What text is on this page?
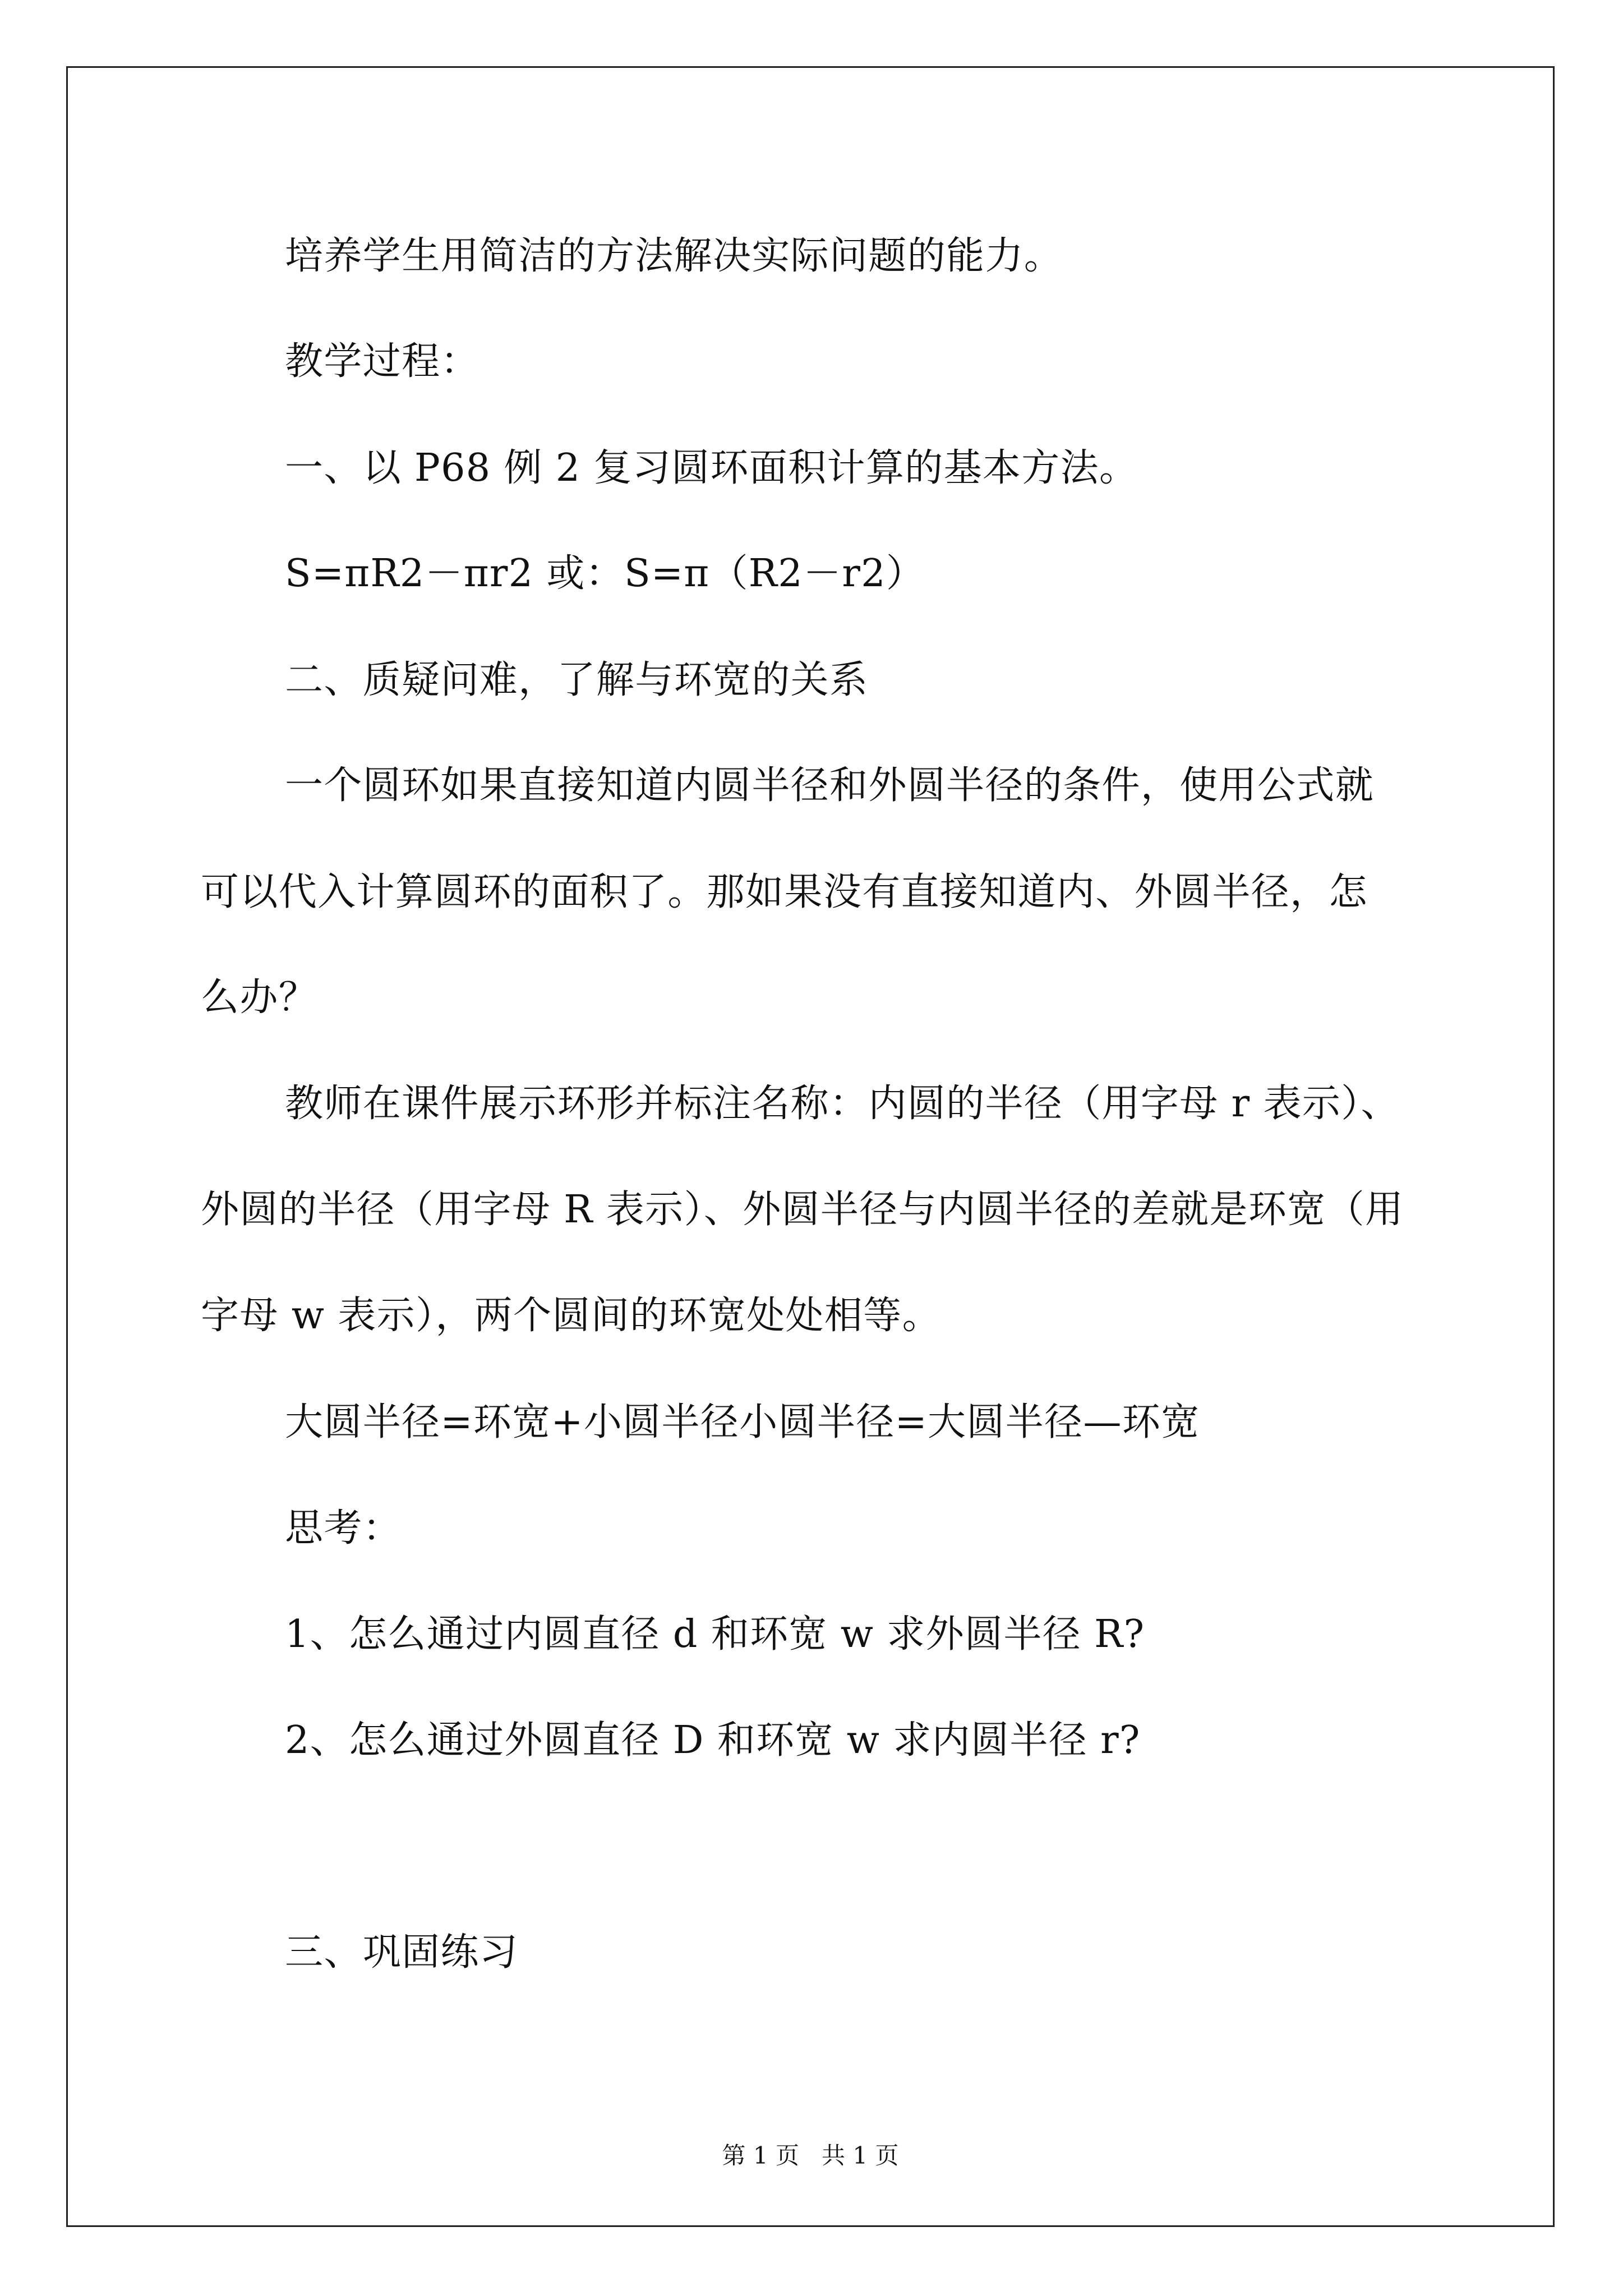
培养学生用简洁的方法解决实际问题的能力。
教学过程：
一、以 P68 例 2 复习圆环面积计算的基本方法。
S=πR2－πr2 或：S=π（R2－r2）
二、质疑问难，了解与环宽的关系
一个圆环如果直接知道内圆半径和外圆半径的条件，使用公式就
可以代入计算圆环的面积了。那如果没有直接知道内、外圆半径，怎
么办？
教师在课件展示环形并标注名称：内圆的半径（用字母 r 表示）、
外圆的半径（用字母 R 表示）、外圆半径与内圆半径的差就是环宽（用
字母 w 表示），两个圆间的环宽处处相等。
大圆半径=环宽+小圆半径小圆半径=大圆半径—环宽
思考：
1、怎么通过内圆直径 d 和环宽 w 求外圆半径 R?
2、怎么通过外圆直径 D 和环宽 w 求内圆半径 r?
三、巩固练习
第 1 页   共 1 页
